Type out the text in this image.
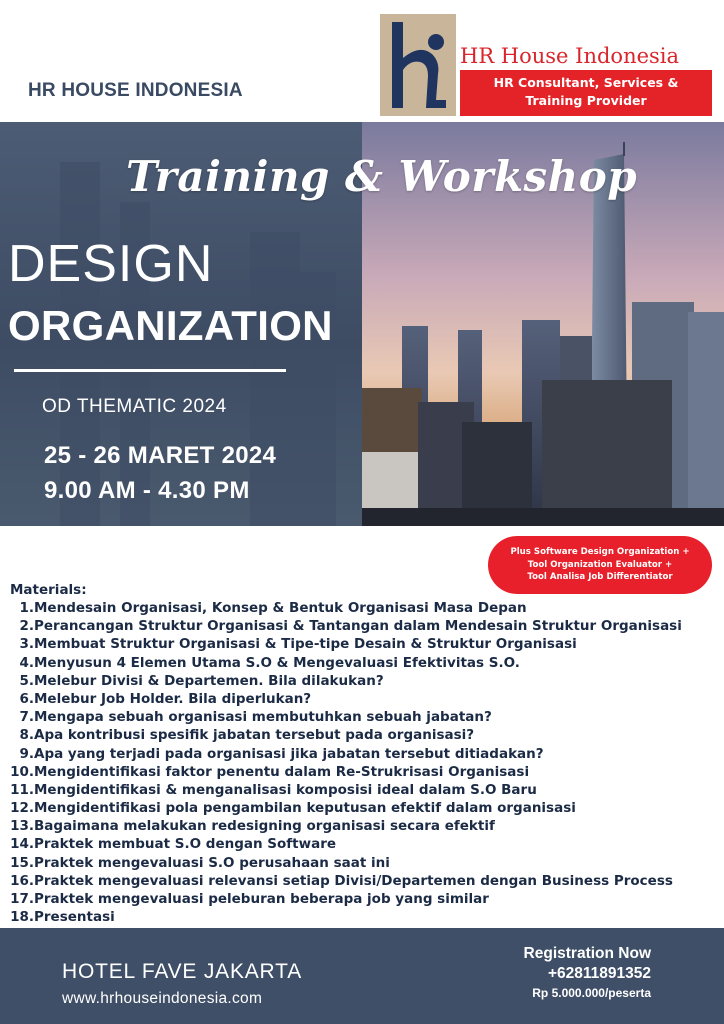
HR HOUSE INDONESIA
HR House Indonesia
HR Consultant, Services &
Training Provider
Training & Workshop
DESIGN
ORGANIZATION
OD THEMATIC 2024
25 - 26 MARET 2024
9.00 AM - 4.30 PM
Plus Software Design Organization +
Tool Organization Evaluator +
Tool Analisa Job Differentiator
Materials:
1. Mendesain Organisasi, Konsep & Bentuk Organisasi Masa Depan
2. Perancangan Struktur Organisasi & Tantangan dalam Mendesain Struktur Organisasi
3. Membuat Struktur Organisasi & Tipe-tipe Desain & Struktur Organisasi
4. Menyusun 4 Elemen Utama S.O & Mengevaluasi Efektivitas S.O.
5. Melebur Divisi & Departemen. Bila dilakukan?
6. Melebur Job Holder. Bila diperlukan?
7. Mengapa sebuah organisasi membutuhkan sebuah jabatan?
8. Apa kontribusi spesifik jabatan tersebut pada organisasi?
9. Apa yang terjadi pada organisasi jika jabatan tersebut ditiadakan?
10. Mengidentifikasi faktor penentu dalam Re-Strukrisasi Organisasi
11. Mengidentifikasi & menganalisasi komposisi ideal dalam S.O Baru
12. Mengidentifikasi pola pengambilan keputusan efektif dalam organisasi
13. Bagaimana melakukan redesigning organisasi secara efektif
14. Praktek membuat S.O dengan Software
15. Praktek mengevaluasi S.O perusahaan saat ini
16. Praktek mengevaluasi relevansi setiap Divisi/Departemen dengan Business Process
17. Praktek mengevaluasi peleburan beberapa job yang similar
18. Presentasi
HOTEL FAVE JAKARTA
www.hrhouseindonesia.com
Registration Now
+62811891352
Rp 5.000.000/peserta
